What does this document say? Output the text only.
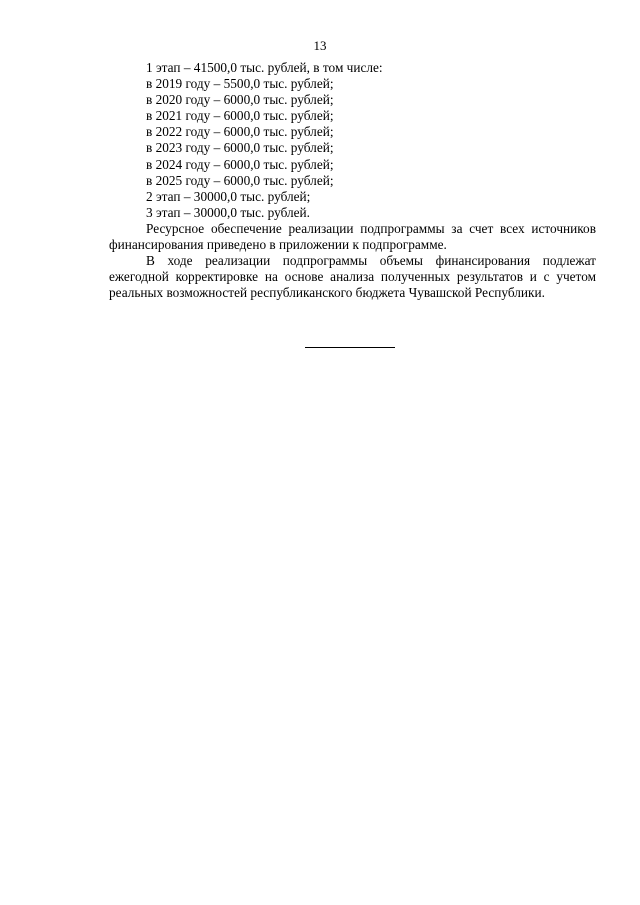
13
1 этап – 41500,0 тыс. рублей, в том числе:
в 2019 году – 5500,0 тыс. рублей;
в 2020 году – 6000,0 тыс. рублей;
в 2021 году – 6000,0 тыс. рублей;
в 2022 году – 6000,0 тыс. рублей;
в 2023 году – 6000,0 тыс. рублей;
в 2024 году – 6000,0 тыс. рублей;
в 2025 году – 6000,0 тыс. рублей;
2 этап – 30000,0 тыс. рублей;
3 этап – 30000,0 тыс. рублей.
Ресурсное обеспечение реализации подпрограммы за счет всех источников финансирования приведено в приложении к подпрограмме.
В ходе реализации подпрограммы объемы финансирования подлежат ежегодной корректировке на основе анализа полученных результатов и с учетом реальных возможностей республиканского бюджета Чувашской Республики.
